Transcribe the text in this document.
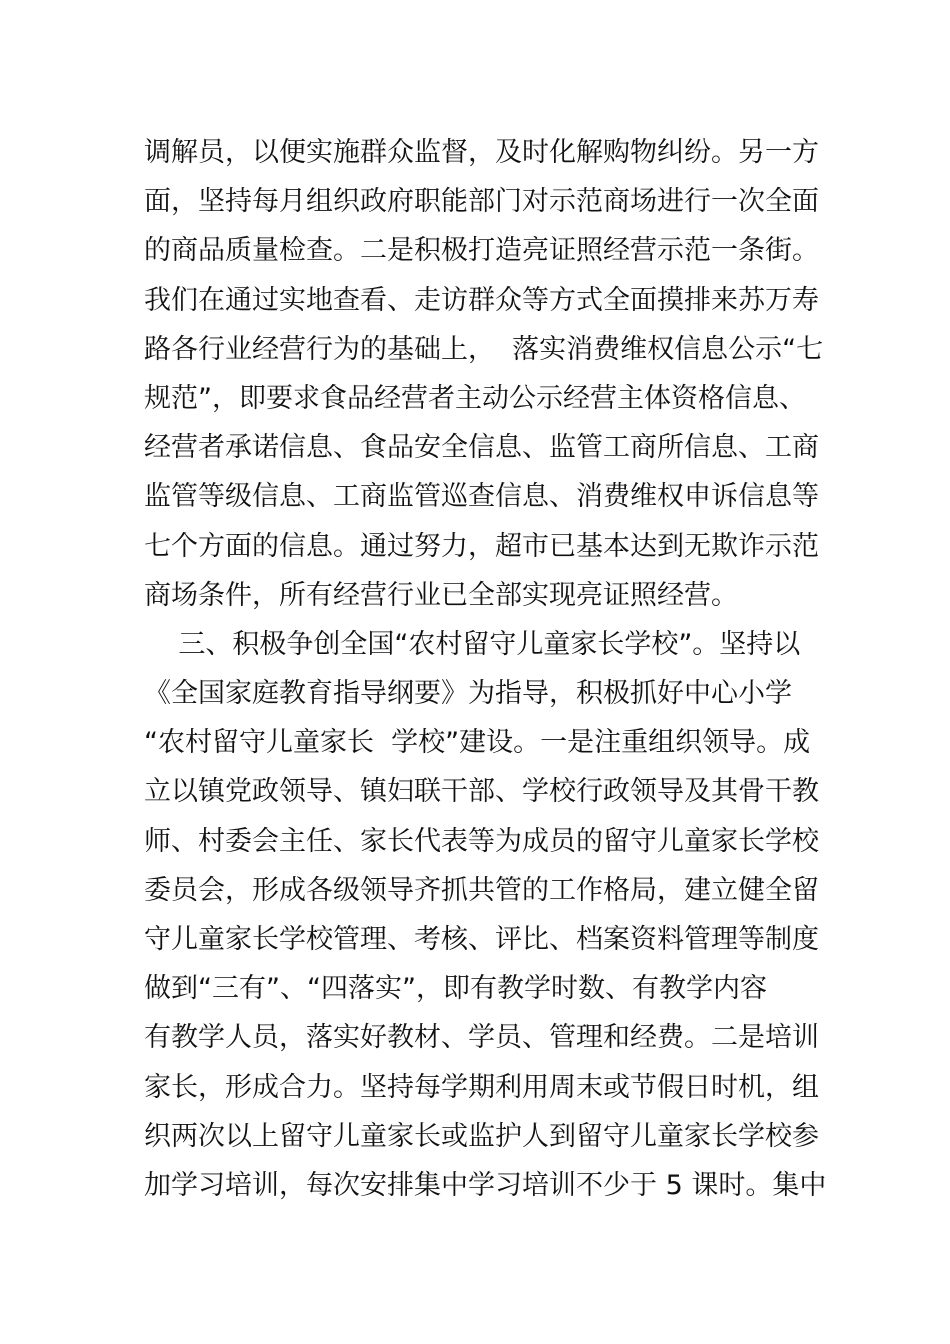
调解员，以便实施群众监督，及时化解购物纠纷。另一方
面，坚持每月组织政府职能部门对示范商场进行一次全面
的商品质量检查。二是积极打造亮证照经营示范一条街。
我们在通过实地查看、走访群众等方式全面摸排来苏万寿
路各行业经营行为的基础上，  落实消费维权信息公示“七
规范”，即要求食品经营者主动公示经营主体资格信息、
经营者承诺信息、食品安全信息、监管工商所信息、工商
监管等级信息、工商监管巡查信息、消费维权申诉信息等
七个方面的信息。通过努力，超市已基本达到无欺诈示范
商场条件，所有经营行业已全部实现亮证照经营。
三、积极争创全国“农村留守儿童家长学校”。坚持以
《全国家庭教育指导纲要》为指导，积极抓好中心小学
“农村留守儿童家长  学校”建设。一是注重组织领导。成
立以镇党政领导、镇妇联干部、学校行政领导及其骨干教
师、村委会主任、家长代表等为成员的留守儿童家长学校
委员会，形成各级领导齐抓共管的工作格局，建立健全留
守儿童家长学校管理、考核、评比、档案资料管理等制度
做到“三有”、“四落实”，即有教学时数、有教学内容
有教学人员，落实好教材、学员、管理和经费。二是培训
家长，形成合力。坚持每学期利用周末或节假日时机，组
织两次以上留守儿童家长或监护人到留守儿童家长学校参
加学习培训，每次安排集中学习培训不少于 5 课时。集中
